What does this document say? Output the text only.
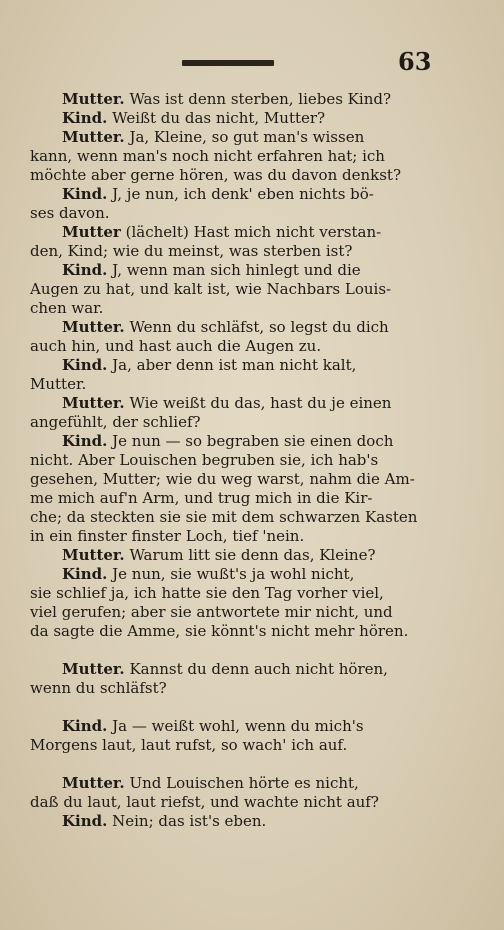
63
Mutter. Was ist denn sterben, liebes Kind?
Kind. Weißt du das nicht, Mutter?
Mutter. Ja, Kleine, so gut man's wissen
kann, wenn man's noch nicht erfahren hat; ich
möchte aber gerne hören, was du davon denkst?
Kind. J, je nun, ich denk' eben nichts bö-
ses davon.
Mutter (lächelt) Hast mich nicht verstan-
den, Kind; wie du meinst, was sterben ist?
Kind. J, wenn man sich hinlegt und die
Augen zu hat, und kalt ist, wie Nachbars Louis-
chen war.
Mutter. Wenn du schläfst, so legst du dich
auch hin, und hast auch die Augen zu.
Kind. Ja, aber denn ist man nicht kalt,
Mutter.
Mutter. Wie weißt du das, hast du je einen
angefühlt, der schlief?
Kind. Je nun — so begraben sie einen doch
nicht. Aber Louischen begruben sie, ich hab's
gesehen, Mutter; wie du weg warst, nahm die Am-
me mich auf'n Arm, und trug mich in die Kir-
che; da steckten sie sie mit dem schwarzen Kasten
in ein finster finster Loch, tief 'nein.
Mutter. Warum litt sie denn das, Kleine?
Kind. Je nun, sie wußt's ja wohl nicht,
sie schlief ja, ich hatte sie den Tag vorher viel,
viel gerufen; aber sie antwortete mir nicht, und
da sagte die Amme, sie könnt's nicht mehr hören.
Mutter. Kannst du denn auch nicht hören,
wenn du schläfst?
Kind. Ja — weißt wohl, wenn du mich's
Morgens laut, laut rufst, so wach' ich auf.
Mutter. Und Louischen hörte es nicht,
daß du laut, laut riefst, und wachte nicht auf?
Kind. Nein; das ist's eben.
